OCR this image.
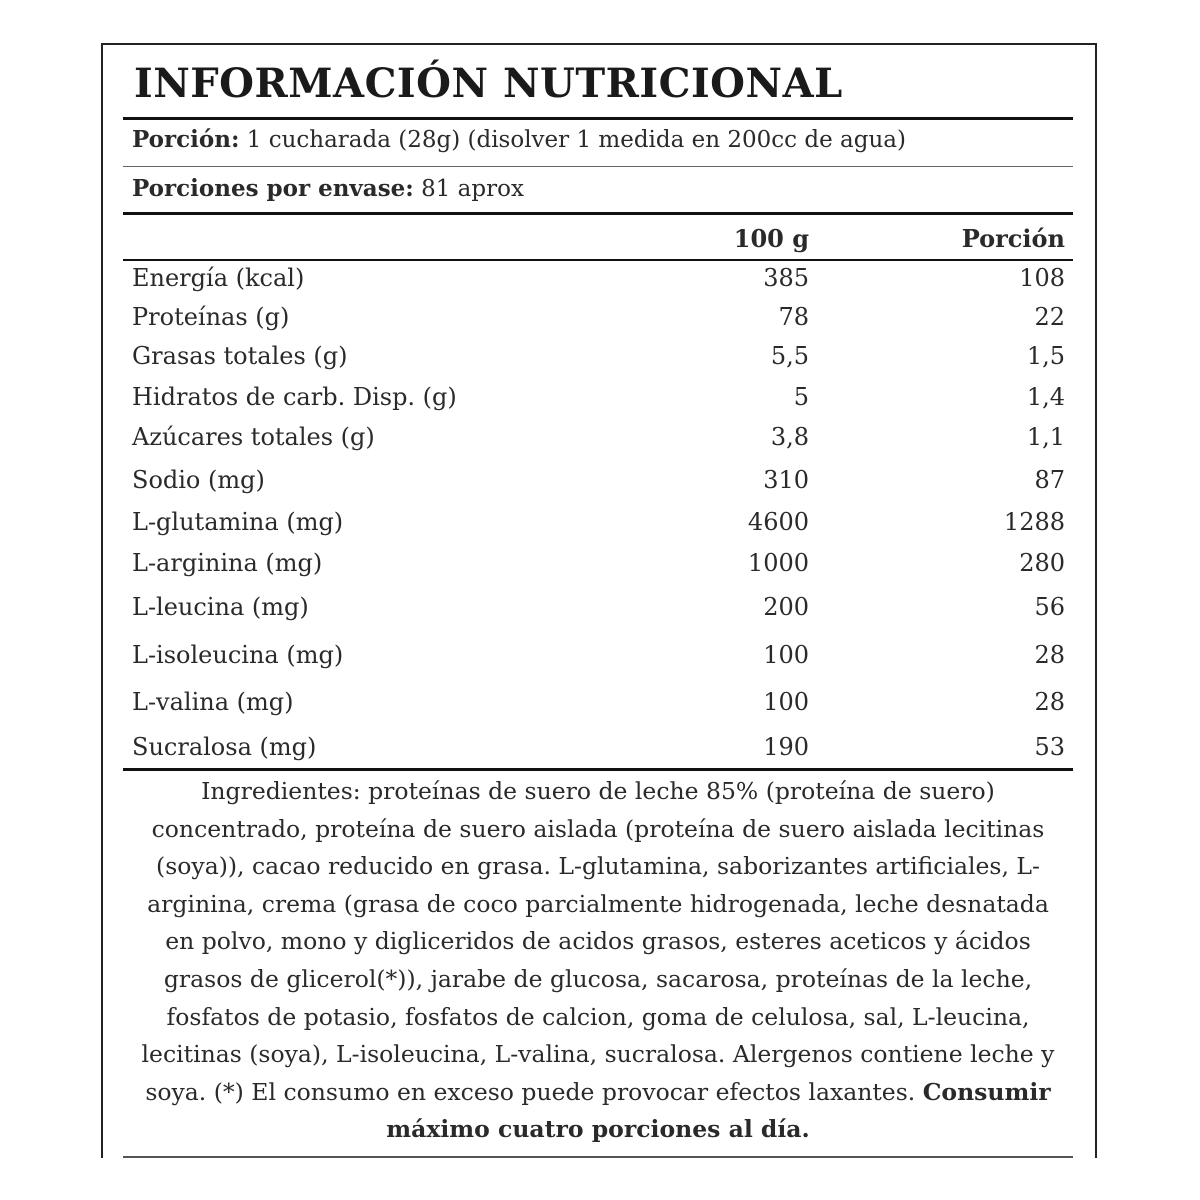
INFORMACIÓN NUTRICIONAL
Porción: 1 cucharada (28g) (disolver 1 medida en 200cc de agua)
Porciones por envase: 81 aprox
100 g	Porción
Energía (kcal)	385	108
Proteínas (g)	78	22
Grasas totales (g)	5,5	1,5
Hidratos de carb. Disp. (g)	5	1,4
Azúcares totales (g)	3,8	1,1
Sodio (mg)	310	87
L-glutamina (mg)	4600	1288
L-arginina (mg)	1000	280
L-leucina (mg)	200	56
L-isoleucina (mg)	100	28
L-valina (mg)	100	28
Sucralosa (mg)	190	53
Ingredientes: proteínas de suero de leche 85% (proteína de suero)
concentrado, proteína de suero aislada (proteína de suero aislada lecitinas
(soya)), cacao reducido en grasa. L-glutamina, saborizantes artificiales, L-
arginina, crema (grasa de coco parcialmente hidrogenada, leche desnatada
en polvo, mono y digliceridos de acidos grasos, esteres aceticos y ácidos
grasos de glicerol(*)), jarabe de glucosa, sacarosa, proteínas de la leche,
fosfatos de potasio, fosfatos de calcion, goma de celulosa, sal, L-leucina,
lecitinas (soya), L-isoleucina, L-valina, sucralosa. Alergenos contiene leche y
soya. (*) El consumo en exceso puede provocar efectos laxantes. Consumir
máximo cuatro porciones al día.
